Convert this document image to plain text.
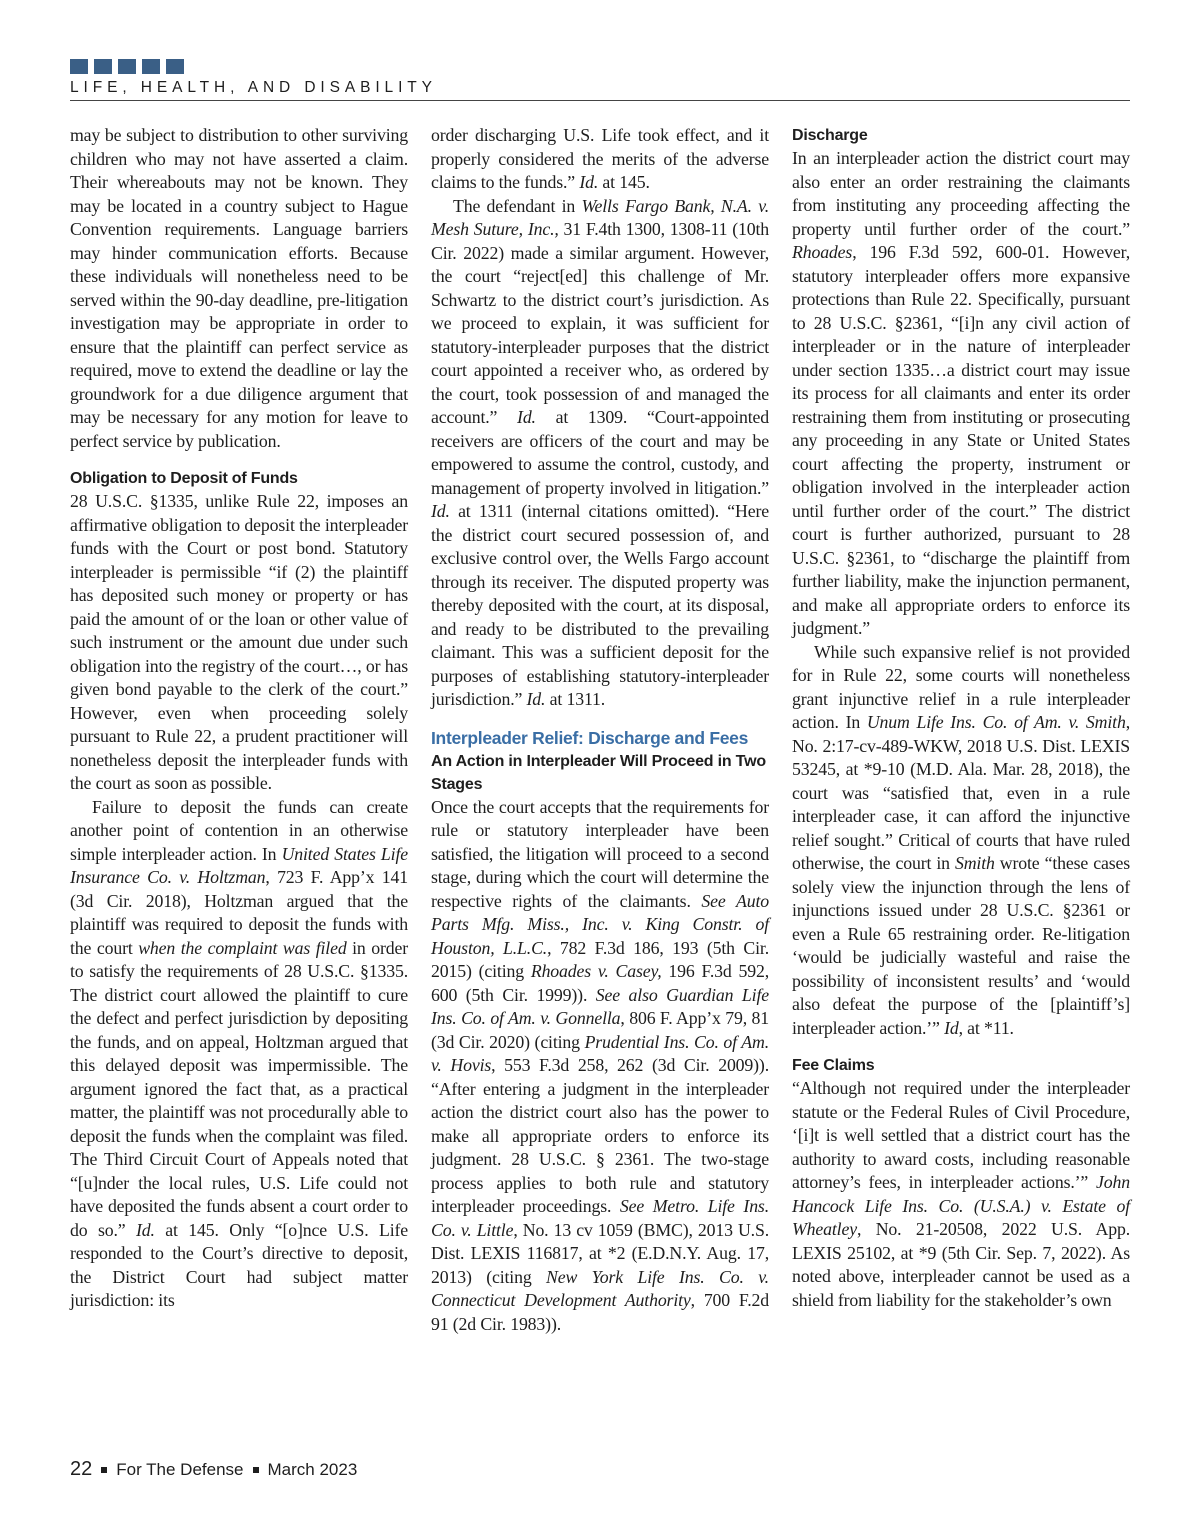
LIFE, HEALTH, AND DISABILITY

may be subject to distribution to other surviving children who may not have asserted a claim. Their whereabouts may not be known. They may be located in a country subject to Hague Convention requirements. Language barriers may hinder communication efforts. Because these individuals will nonetheless need to be served within the 90-day deadline, pre-litigation investigation may be appropriate in order to ensure that the plaintiff can perfect service as required, move to extend the deadline or lay the groundwork for a due diligence argument that may be necessary for any motion for leave to perfect service by publication.

Obligation to Deposit of Funds

28 U.S.C. §1335, unlike Rule 22, imposes an affirmative obligation to deposit the interpleader funds with the Court or post bond. Statutory interpleader is permissible “if (2) the plaintiff has deposited such money or property or has paid the amount of or the loan or other value of such instrument or the amount due under such obligation into the registry of the court…, or has given bond payable to the clerk of the court.” However, even when proceeding solely pursuant to Rule 22, a prudent practitioner will nonetheless deposit the interpleader funds with the court as soon as possible.

Failure to deposit the funds can create another point of contention in an otherwise simple interpleader action. In United States Life Insurance Co. v. Holtzman, 723 F. App’x 141 (3d Cir. 2018), Holtzman argued that the plaintiff was required to deposit the funds with the court when the complaint was filed in order to satisfy the requirements of 28 U.S.C. §1335. The district court allowed the plaintiff to cure the defect and perfect jurisdiction by depositing the funds, and on appeal, Holtzman argued that this delayed deposit was impermissible. The argument ignored the fact that, as a practical matter, the plaintiff was not procedurally able to deposit the funds when the complaint was filed. The Third Circuit Court of Appeals noted that “[u]nder the local rules, U.S. Life could not have deposited the funds absent a court order to do so.” Id. at 145. Only “[o]nce U.S. Life responded to the Court’s directive to deposit, the District Court had subject matter jurisdiction: its

order discharging U.S. Life took effect, and it properly considered the merits of the adverse claims to the funds.” Id. at 145.

The defendant in Wells Fargo Bank, N.A. v. Mesh Suture, Inc., 31 F.4th 1300, 1308-11 (10th Cir. 2022) made a similar argument. However, the court “reject[ed] this challenge of Mr. Schwartz to the district court’s jurisdiction. As we proceed to explain, it was sufficient for statutory-interpleader purposes that the district court appointed a receiver who, as ordered by the court, took possession of and managed the account.” Id. at 1309. “Court-appointed receivers are officers of the court and may be empowered to assume the control, custody, and management of property involved in litigation.” Id. at 1311 (internal citations omitted). “Here the district court secured possession of, and exclusive control over, the Wells Fargo account through its receiver. The disputed property was thereby deposited with the court, at its disposal, and ready to be distributed to the prevailing claimant. This was a sufficient deposit for the purposes of establishing statutory-interpleader jurisdiction.” Id. at 1311.

Interpleader Relief: Discharge and Fees

An Action in Interpleader Will Proceed in Two Stages

Once the court accepts that the requirements for rule or statutory interpleader have been satisfied, the litigation will proceed to a second stage, during which the court will determine the respective rights of the claimants. See Auto Parts Mfg. Miss., Inc. v. King Constr. of Houston, L.L.C., 782 F.3d 186, 193 (5th Cir. 2015) (citing Rhoades v. Casey, 196 F.3d 592, 600 (5th Cir. 1999)). See also Guardian Life Ins. Co. of Am. v. Gonnella, 806 F. App’x 79, 81 (3d Cir. 2020) (citing Prudential Ins. Co. of Am. v. Hovis, 553 F.3d 258, 262 (3d Cir. 2009)). “After entering a judgment in the interpleader action the district court also has the power to make all appropriate orders to enforce its judgment. 28 U.S.C. § 2361. The two-stage process applies to both rule and statutory interpleader proceedings. See Metro. Life Ins. Co. v. Little, No. 13 cv 1059 (BMC), 2013 U.S. Dist. LEXIS 116817, at *2 (E.D.N.Y. Aug. 17, 2013) (citing New York Life Ins. Co. v. Connecticut Development Authority, 700 F.2d 91 (2d Cir. 1983)).

Discharge

In an interpleader action the district court may also enter an order restraining the claimants from instituting any proceeding affecting the property until further order of the court.” Rhoades, 196 F.3d 592, 600-01. However, statutory interpleader offers more expansive protections than Rule 22. Specifically, pursuant to 28 U.S.C. §2361, “[i]n any civil action of interpleader or in the nature of interpleader under section 1335…a district court may issue its process for all claimants and enter its order restraining them from instituting or prosecuting any proceeding in any State or United States court affecting the property, instrument or obligation involved in the interpleader action until further order of the court.” The district court is further authorized, pursuant to 28 U.S.C. §2361, to “discharge the plaintiff from further liability, make the injunction permanent, and make all appropriate orders to enforce its judgment.”

While such expansive relief is not provided for in Rule 22, some courts will nonetheless grant injunctive relief in a rule interpleader action. In Unum Life Ins. Co. of Am. v. Smith, No. 2:17-cv-489-WKW, 2018 U.S. Dist. LEXIS 53245, at *9-10 (M.D. Ala. Mar. 28, 2018), the court was “satisfied that, even in a rule interpleader case, it can afford the injunctive relief sought.” Critical of courts that have ruled otherwise, the court in Smith wrote “these cases solely view the injunction through the lens of injunctions issued under 28 U.S.C. §2361 or even a Rule 65 restraining order. Re-litigation ‘would be judicially wasteful and raise the possibility of inconsistent results’ and ‘would also defeat the purpose of the [plaintiff’s] interpleader action.’” Id, at *11.

Fee Claims

“Although not required under the interpleader statute or the Federal Rules of Civil Procedure, ‘[i]t is well settled that a district court has the authority to award costs, including reasonable attorney’s fees, in interpleader actions.’” John Hancock Life Ins. Co. (U.S.A.) v. Estate of Wheatley, No. 21-20508, 2022 U.S. App. LEXIS 25102, at *9 (5th Cir. Sep. 7, 2022). As noted above, interpleader cannot be used as a shield from liability for the stakeholder’s own

22 For The Defense March 2023
